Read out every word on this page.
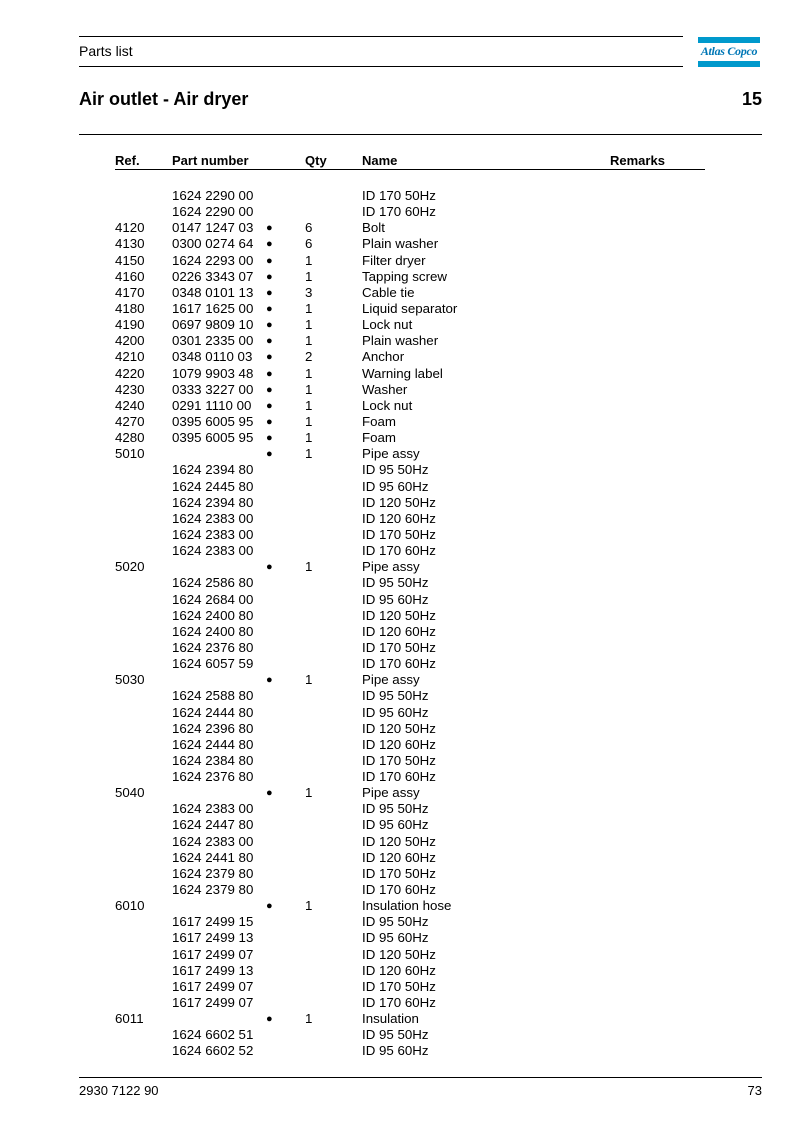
Parts list	Atlas Copco
Air outlet - Air dryer	15
Ref. Part number	Qty	Name	Remarks
1624 2290 00	ID 170 50Hz
1624 2290 00	ID 170 60Hz
4120 0147 1247 03 ● 6	Bolt
4130 0300 0274 64 ● 6	Plain washer
4150 1624 2293 00 ● 1	Filter dryer
4160 0226 3343 07 ● 1	Tapping screw
4170 0348 0101 13 ● 3	Cable tie
4180 1617 1625 00 ● 1	Liquid separator
4190 0697 9809 10 ● 1	Lock nut
4200 0301 2335 00 ● 1	Plain washer
4210 0348 0110 03 ● 2	Anchor
4220 1079 9903 48 ● 1	Warning label
4230 0333 3227 00 ● 1	Washer
4240 0291 1110 00 ● 1	Lock nut
4270 0395 6005 95 ● 1	Foam
4280 0395 6005 95 ● 1	Foam
5010	● 1	Pipe assy
1624 2394 80	ID 95 50Hz
1624 2445 80	ID 95 60Hz
1624 2394 80	ID 120 50Hz
1624 2383 00	ID 120 60Hz
1624 2383 00	ID 170 50Hz
1624 2383 00	ID 170 60Hz
5020	● 1	Pipe assy
1624 2586 80	ID 95 50Hz
1624 2684 00	ID 95 60Hz
1624 2400 80	ID 120 50Hz
1624 2400 80	ID 120 60Hz
1624 2376 80	ID 170 50Hz
1624 6057 59	ID 170 60Hz
5030	● 1	Pipe assy
1624 2588 80	ID 95 50Hz
1624 2444 80	ID 95 60Hz
1624 2396 80	ID 120 50Hz
1624 2444 80	ID 120 60Hz
1624 2384 80	ID 170 50Hz
1624 2376 80	ID 170 60Hz
5040	● 1	Pipe assy
1624 2383 00	ID 95 50Hz
1624 2447 80	ID 95 60Hz
1624 2383 00	ID 120 50Hz
1624 2441 80	ID 120 60Hz
1624 2379 80	ID 170 50Hz
1624 2379 80	ID 170 60Hz
6010	● 1	Insulation hose
1617 2499 15	ID 95 50Hz
1617 2499 13	ID 95 60Hz
1617 2499 07	ID 120 50Hz
1617 2499 13	ID 120 60Hz
1617 2499 07	ID 170 50Hz
1617 2499 07	ID 170 60Hz
6011	● 1	Insulation
1624 6602 51	ID 95 50Hz
1624 6602 52	ID 95 60Hz
2930 7122 90	73
